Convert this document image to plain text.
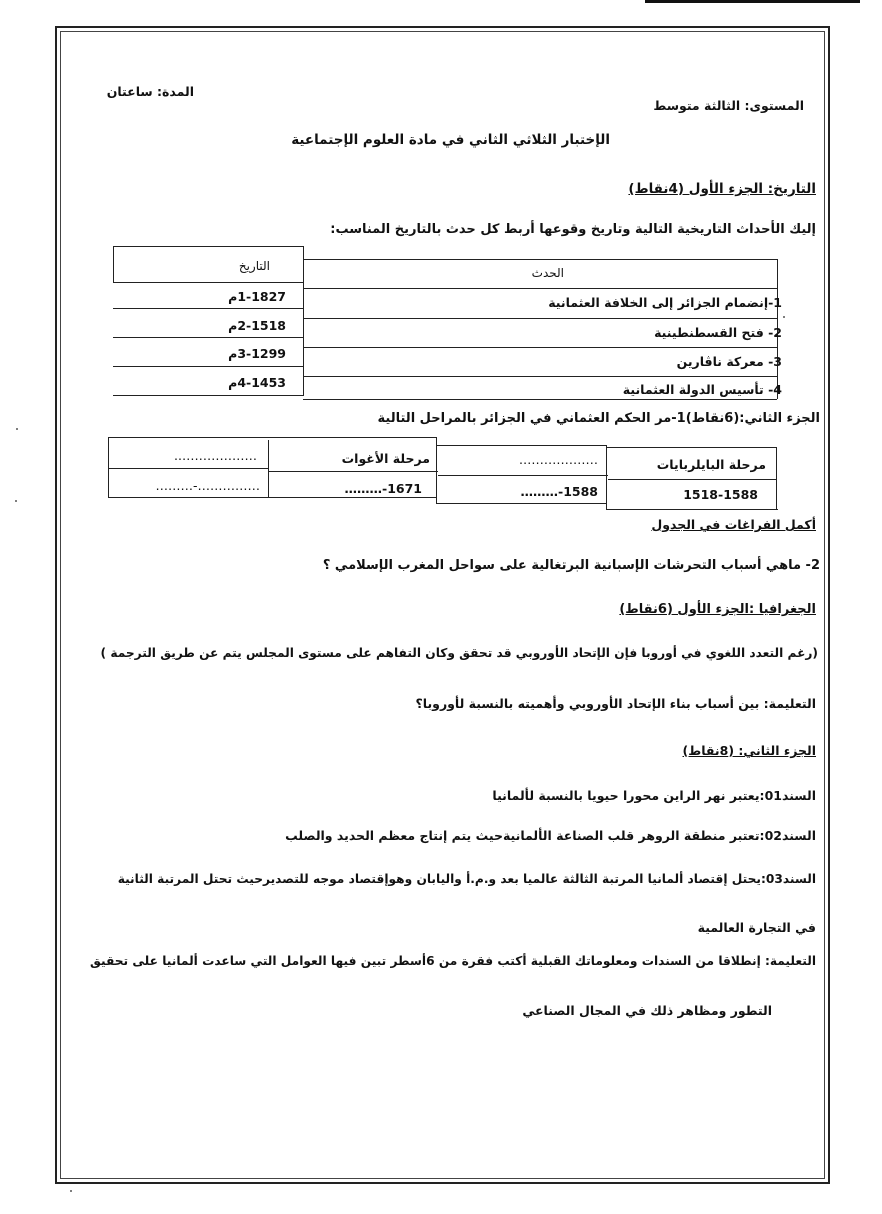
المدة: ساعتان
المستوى: الثالثة متوسط
الإختبار الثلاثي الثاني في مادة العلوم الإجتماعية
التاريخ: الجزء الأول (4نقاط)
إليك الأحداث التاريخية التالية وتاريخ وقوعها أربط كل حدث بالتاريخ المناسب:
التاريخ	الحدث
1-إنضمام الجزائر إلى الخلافة العثمانية
2- فتح القسطنطينية
3- معركة ناڤارين
4- تأسيس الدولة العثمانية
1-1827م
2-1518م
3-1299م
4-1453م
الجزء الثاني:(6نقاط)1-مر الحكم العثماني في الجزائر بالمراحل التالية
مرحلة البايلربايات
……………….
مرحلة الأغوات
………………..
1518-1588
1588-………
1671-………
……………-………
أكمل الفراغات في الجدول
2- ماهي أسباب التحرشات الإسبانية البرتغالية على سواحل المغرب الإسلامي ؟
الجغرافيا :الجزء الأول (6نقاط)
(رغم التعدد اللغوي في أوروبا فإن الإتحاد الأوروبي قد تحقق وكان التفاهم على مستوى المجلس يتم عن طريق الترجمة )
التعليمة: بين أسباب بناء الإتحاد الأوروبي وأهميته بالنسبة لأوروبا؟
الجزء الثاني: (8نقاط)
السند01:يعتبر نهر الراين محورا حيويا بالنسبة لألمانيا
السند02:تعتبر منطقة الروهر قلب الصناعة الألمانيةحيث يتم إنتاج معظم الحديد والصلب
السند03:يحتل إقتصاد ألمانيا المرتبة الثالثة عالميا بعد و.م.أ واليابان وهوإقتصاد موجه للتصديرحيث تحتل المرتبة الثانية
في التجارة العالمية
التعليمة: إنطلاقا من السندات ومعلوماتك القبلية أكتب فقرة من 6أسطر تبين فيها العوامل التي ساعدت ألمانيا على تحقيق
التطور ومظاهر ذلك في المجال الصناعي
